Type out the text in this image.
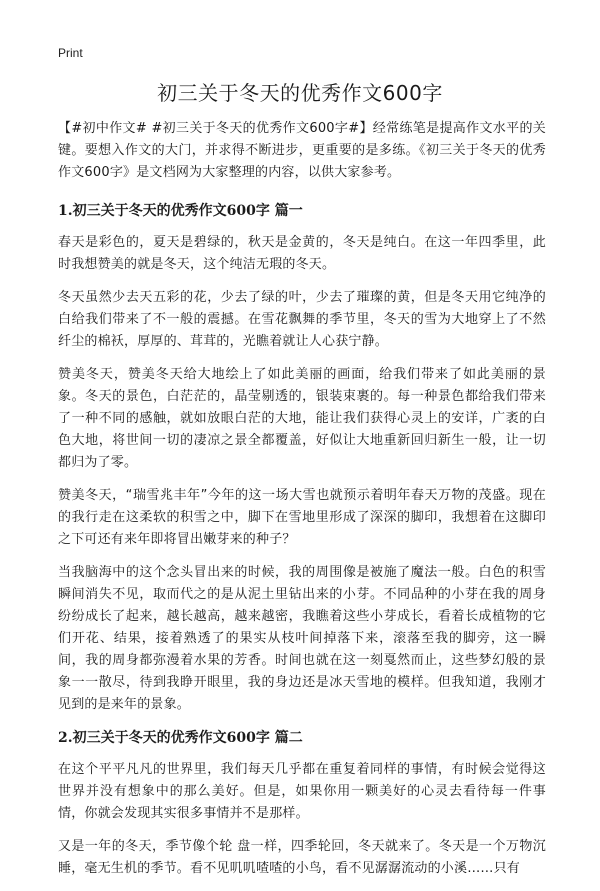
Print
初三关于冬天的优秀作文600字

【#初中作文# #初三关于冬天的优秀作文600字#】经常练笔是提高作文水平的关键。要想入作文的大门，并求得不断进步，更重要的是多练。《初三关于冬天的优秀作文600字》是文档网为大家整理的内容，以供大家参考。

1.初三关于冬天的优秀作文600字 篇一

春天是彩色的，夏天是碧绿的，秋天是金黄的，冬天是纯白。在这一年四季里，此时我想赞美的就是冬天，这个纯洁无瑕的冬天。

冬天虽然少去天五彩的花，少去了绿的叶，少去了璀璨的黄，但是冬天用它纯净的白给我们带来了不一般的震撼。在雪花飘舞的季节里，冬天的雪为大地穿上了不然纤尘的棉袄，厚厚的、茸茸的，光瞧着就让人心获宁静。

赞美冬天，赞美冬天给大地绘上了如此美丽的画面，给我们带来了如此美丽的景象。冬天的景色，白茫茫的，晶莹剔透的，银装束裹的。每一种景色都给我们带来了一种不同的感触，就如放眼白茫的大地，能让我们获得心灵上的安详，广袤的白色大地，将世间一切的凄凉之景全都覆盖，好似让大地重新回归新生一般，让一切都归为了零。

赞美冬天，“瑞雪兆丰年”今年的这一场大雪也就预示着明年春天万物的茂盛。现在的我行走在这柔软的积雪之中，脚下在雪地里形成了深深的脚印，我想着在这脚印之下可还有来年即将冒出嫩芽来的种子？

当我脑海中的这个念头冒出来的时候，我的周围像是被施了魔法一般。白色的积雪瞬间消失不见，取而代之的是从泥土里钻出来的小芽。不同品种的小芽在我的周身纷纷成长了起来，越长越高，越来越密，我瞧着这些小芽成长，看着长成植物的它们开花、结果，接着熟透了的果实从枝叶间掉落下来，滚落至我的脚旁，这一瞬间，我的周身都弥漫着水果的芳香。时间也就在这一刻戛然而止，这些梦幻般的景象一一散尽，待到我睁开眼里，我的身边还是冰天雪地的模样。但我知道，我刚才见到的是来年的景象。

2.初三关于冬天的优秀作文600字 篇二

在这个平平凡凡的世界里，我们每天几乎都在重复着同样的事情，有时候会觉得这世界并没有想象中的那么美好。但是，如果你用一颗美好的心灵去看待每一件事情，你就会发现其实很多事情并不是那样。

又是一年的冬天，季节像个轮 盘一样，四季轮回，冬天就来了。冬天是一个万物沉睡，毫无生机的季节。看不见叽叽喳喳的小鸟，看不见潺潺流动的小溪……只有
